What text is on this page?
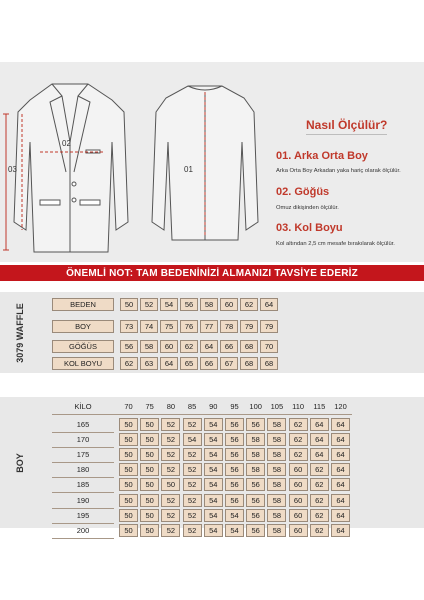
02
03	01
Nasıl Ölçülür?
01. Arka Orta Boy
Arka Orta Boy Arkadan yaka hariç olarak ölçülür.
02. Göğüs
Omuz dikişinden ölçülür.
03. Kol Boyu
Kol altından 2,5 cm mesafe bırakılarak ölçülür.
ÖNEMLİ NOT: TAM BEDENİNİZİ ALMANIZI TAVSİYE EDERİZ
3079 WAFFLE	BEDEN	50	52	54	56	58	60	62	64
BOY	73	74	75	76	77	78	79	79
GÖĞÜS	56	58	60	62	64	66	68	70
KOL BOYU	62	63	64	65	66	67	68	68
BOY
KİLO	70	75	80	85	90	95	100	105	110	115	120
165	50	50	52	52	54	56	56	58	62	64	64
170	50	50	52	54	54	56	58	58	62	64	64
175	50	50	52	52	54	56	58	58	62	64	64
180	50	50	52	52	54	56	58	58	60	62	64
185	50	50	50	52	54	56	56	58	60	62	64
190	50	50	52	52	54	56	56	58	60	62	64
195	50	50	52	52	54	54	56	58	60	62	64
200	50	50	52	52	54	54	56	58	60	62	64
